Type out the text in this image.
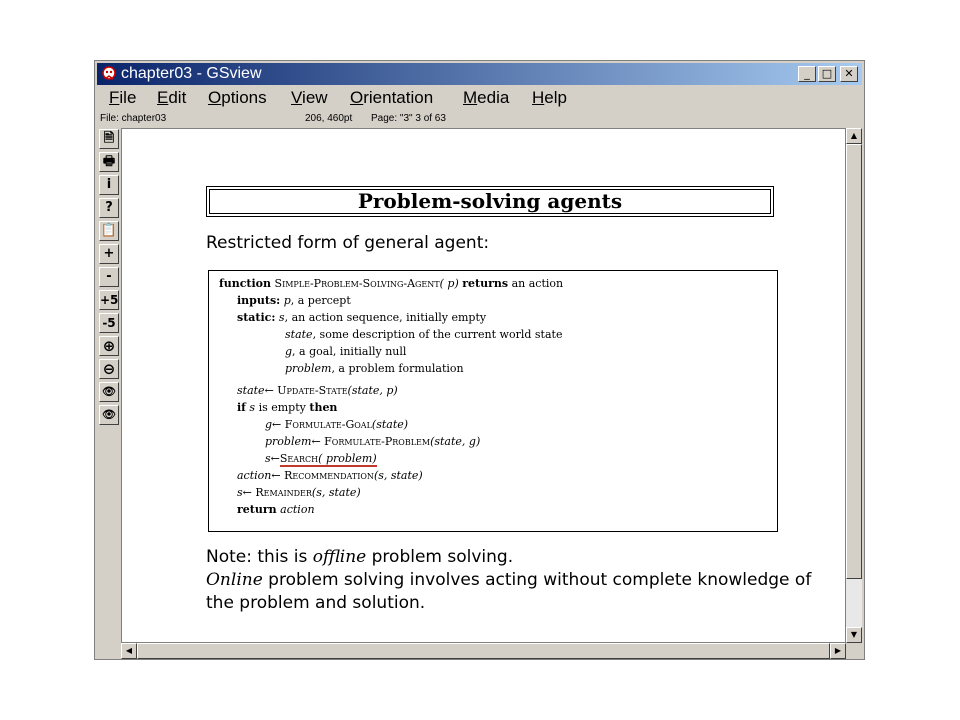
chapter03 - GSview	_	□	✕
File Edit Options View Orientation Media Help
File: chapter03	206, 460pt Page: "3" 3 of 63
🗎
🖶
i
?
📋
+
-
+5
-5
⊕
⊖
👁
👁
Problem-solving agents
Restricted form of general agent:
function Simple-Problem-Solving-Agent( p) returns an action
inputs: p, a percept
static: s, an action sequence, initially empty
state, some description of the current world state
g, a goal, initially null
problem, a problem formulation
state← Update-State(state, p)
if s is empty then
g← Formulate-Goal(state)
problem← Formulate-Problem(state, g)
s←Search( problem)
action← Recommendation(s, state)
s← Remainder(s, state)
return action
Note: this is offline problem solving.
Online problem solving involves acting without complete knowledge of
the problem and solution.
▲
▼
◀	▶
